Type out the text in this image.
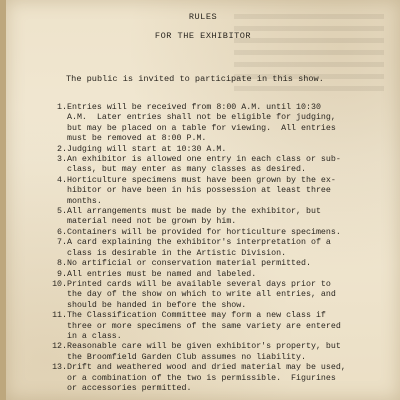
RULES
FOR THE EXHIBITOR
The public is invited to participate in this show.
1. Entries will be received from 8:00 A.M. until 10:30
A.M.  Later entries shall not be eligible for judging,
but may be placed on a table for viewing.  All entries
must be removed at 8:00 P.M.
2. Judging will start at 10:30 A.M.
3. An exhibitor is allowed one entry in each class or sub-
class, but may enter as many classes as desired.
4. Horticulture specimens must have been grown by the ex-
hibitor or have been in his possession at least three
months.
5. All arrangements must be made by the exhibitor, but
material need not be grown by him.
6. Containers will be provided for horticulture specimens.
7. A card explaining the exhibitor's interpretation of a
class is desirable in the Artistic Division.
8. No artificial or conservation material permitted.
9. All entries must be named and labeled.
10. Printed cards will be available several days prior to
the day of the show on which to write all entries, and
should be handed in before the show.
11. The Classification Committee may form a new class if
three or more specimens of the same variety are entered
in a class.
12. Reasonable care will be given exhibitor's property, but
the Broomfield Garden Club assumes no liability.
13. Drift and weathered wood and dried material may be used,
or a combination of the two is permissible.  Figurines
or accessories permitted.
